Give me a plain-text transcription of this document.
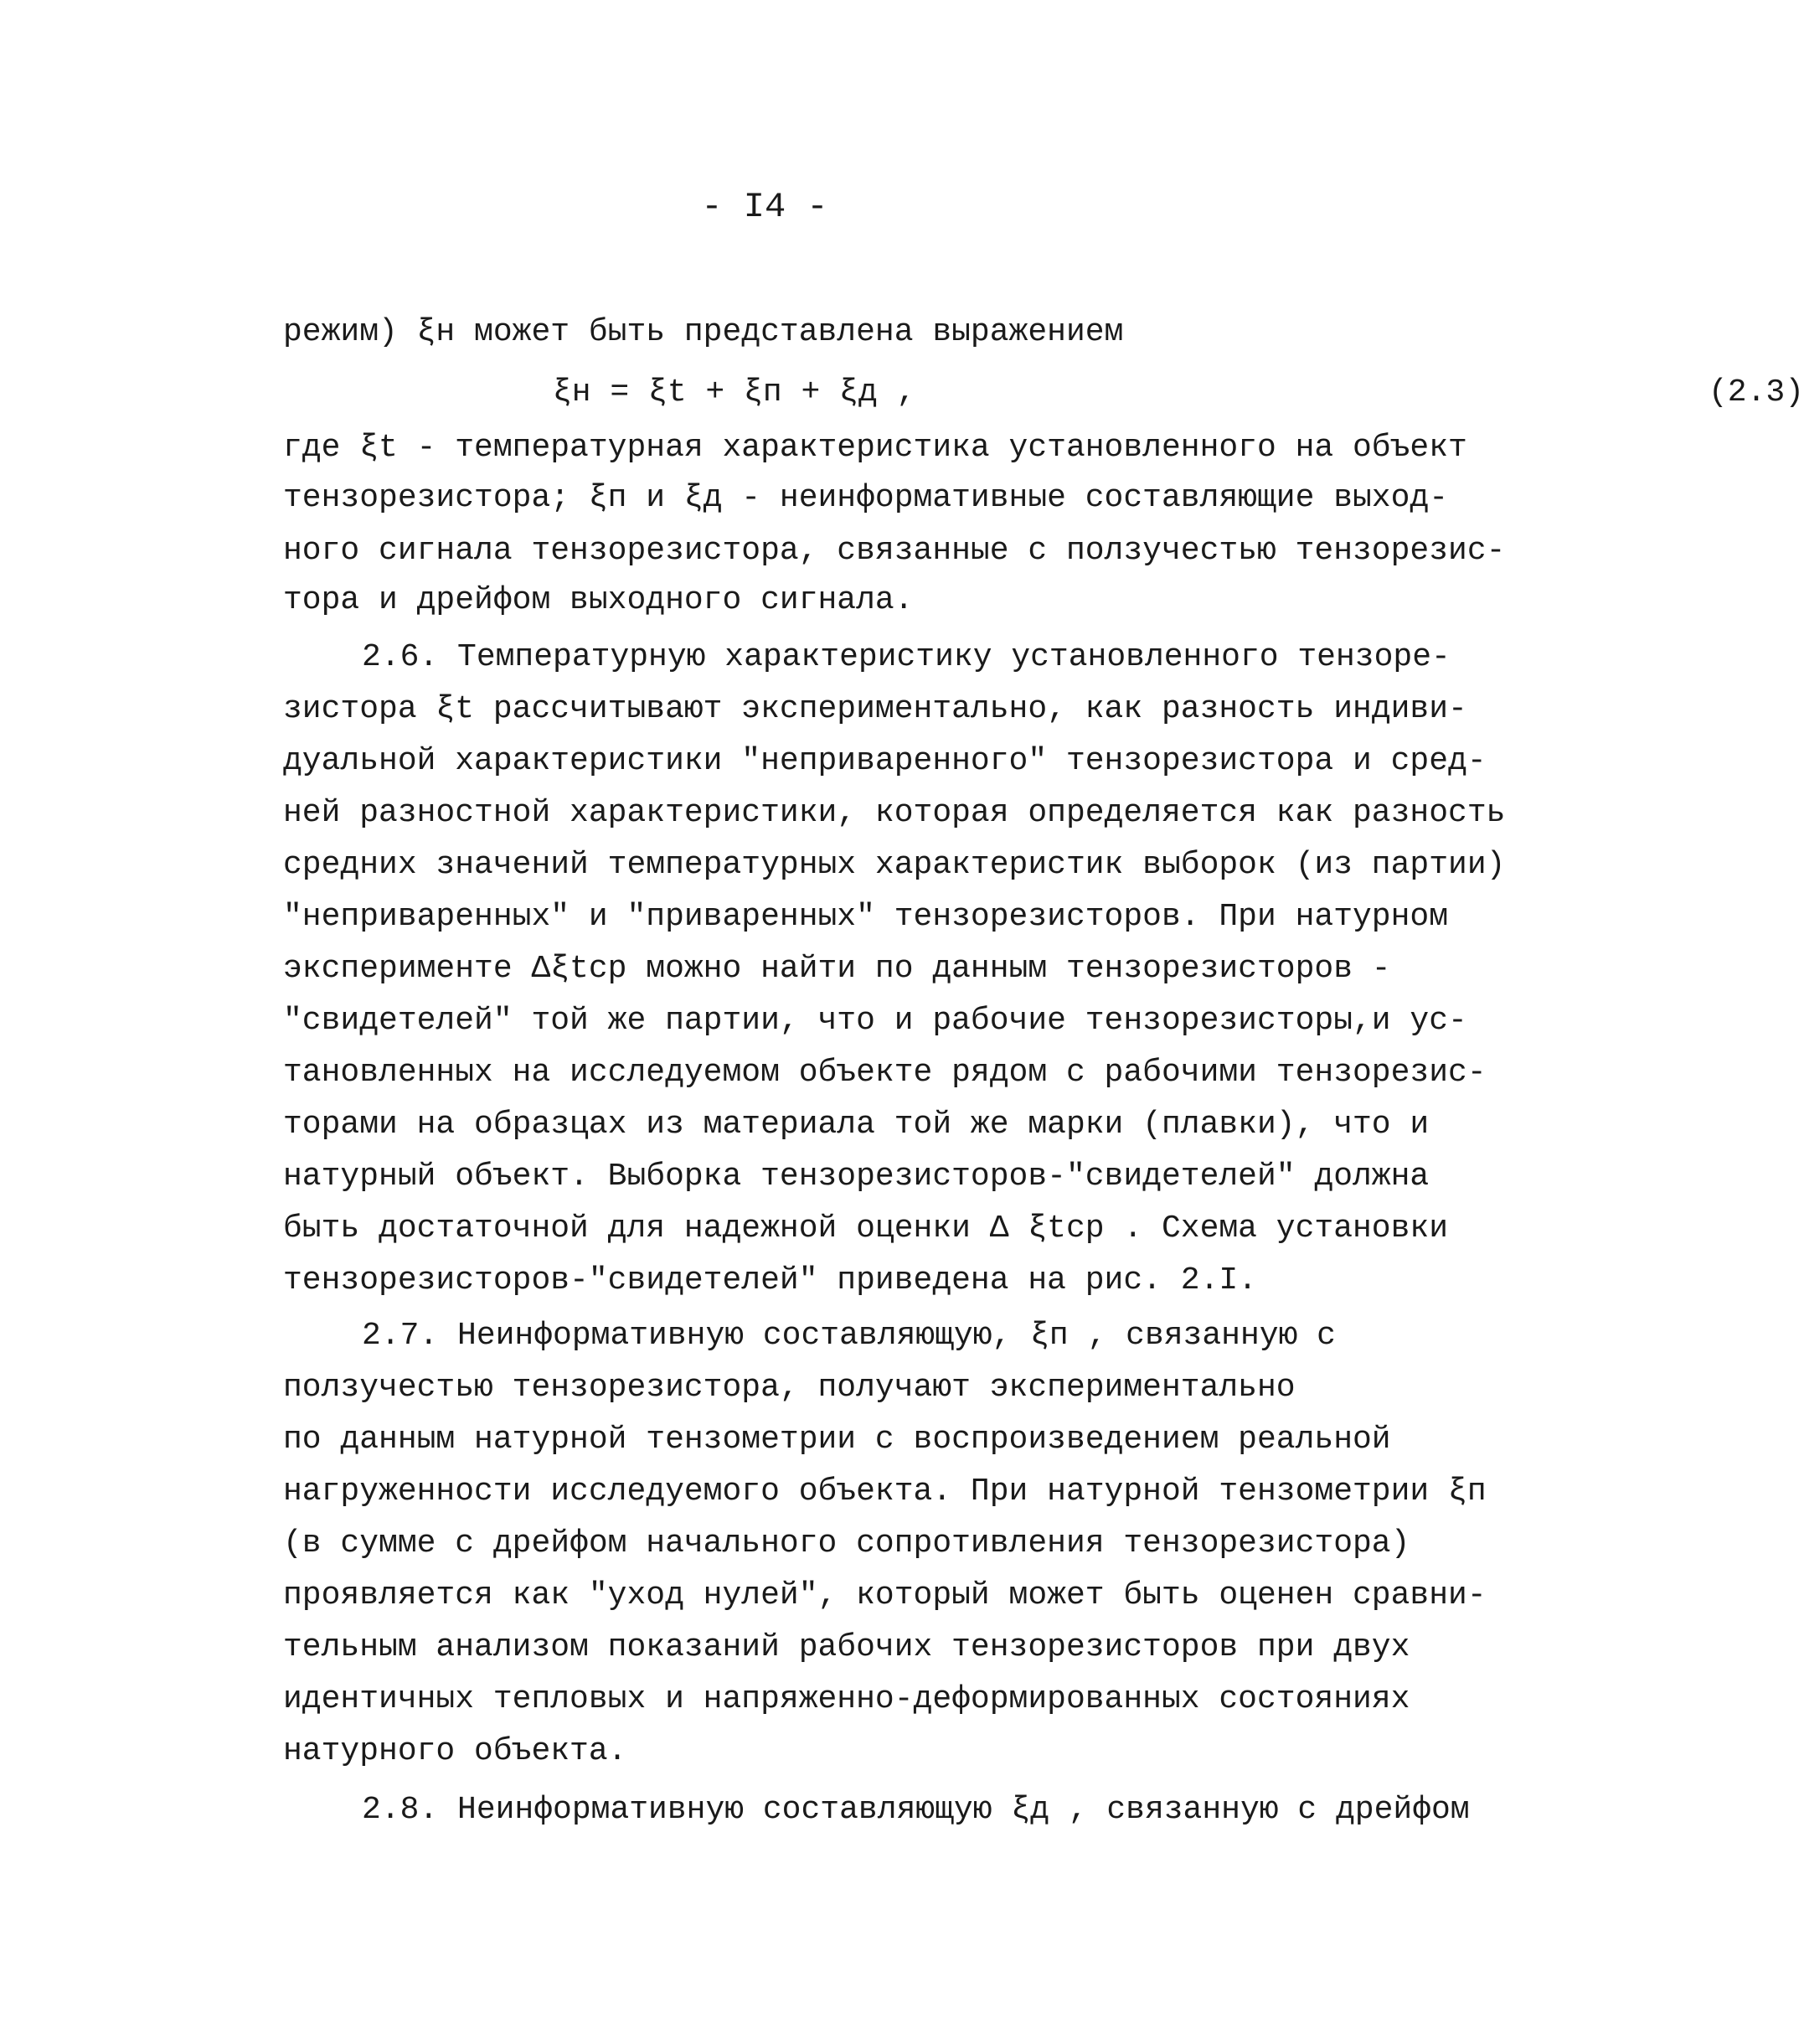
- I4 -
режим) ξн может быть представлена выражением
ξн = ξt + ξп + ξд ,	(2.3)
где ξt - температурная характеристика установленного на объект
тензорезистора; ξп и ξд - неинформативные составляющие выход-
ного сигнала тензорезистора, связанные с ползучестью тензорезис-
тора и дрейфом выходного сигнала.
2.6. Температурную характеристику установленного тензоре-
зистора ξt рассчитывают экспериментально, как разность индиви-
дуальной характеристики "неприваренного" тензорезистора и сред-
ней разностной характеристики, которая определяется как разность
средних значений температурных характеристик выборок (из партии)
"неприваренных" и "приваренных" тензорезисторов. При натурном
эксперименте Δξtср можно найти по данным тензорезисторов -
"свидетелей" той же партии, что и рабочие тензорезисторы,и ус-
тановленных на исследуемом объекте рядом с рабочими тензорезис-
торами на образцах из материала той же марки (плавки), что и
натурный объект. Выборка тензорезисторов-"свидетелей" должна
быть достаточной для надежной оценки Δ ξtср . Схема установки
тензорезисторов-"свидетелей" приведена на рис. 2.I.
2.7. Неинформативную составляющую, ξп , связанную с
ползучестью тензорезистора, получают экспериментально
по данным натурной тензометрии с воспроизведением реальной
нагруженности исследуемого объекта. При натурной тензометрии ξп
(в сумме с дрейфом начального сопротивления тензорезистора)
проявляется как "уход нулей", который может быть оценен сравни-
тельным анализом показаний рабочих тензорезисторов при двух
идентичных тепловых и напряженно-деформированных состояниях
натурного объекта.
2.8. Неинформативную составляющую ξд , связанную с дрейфом
